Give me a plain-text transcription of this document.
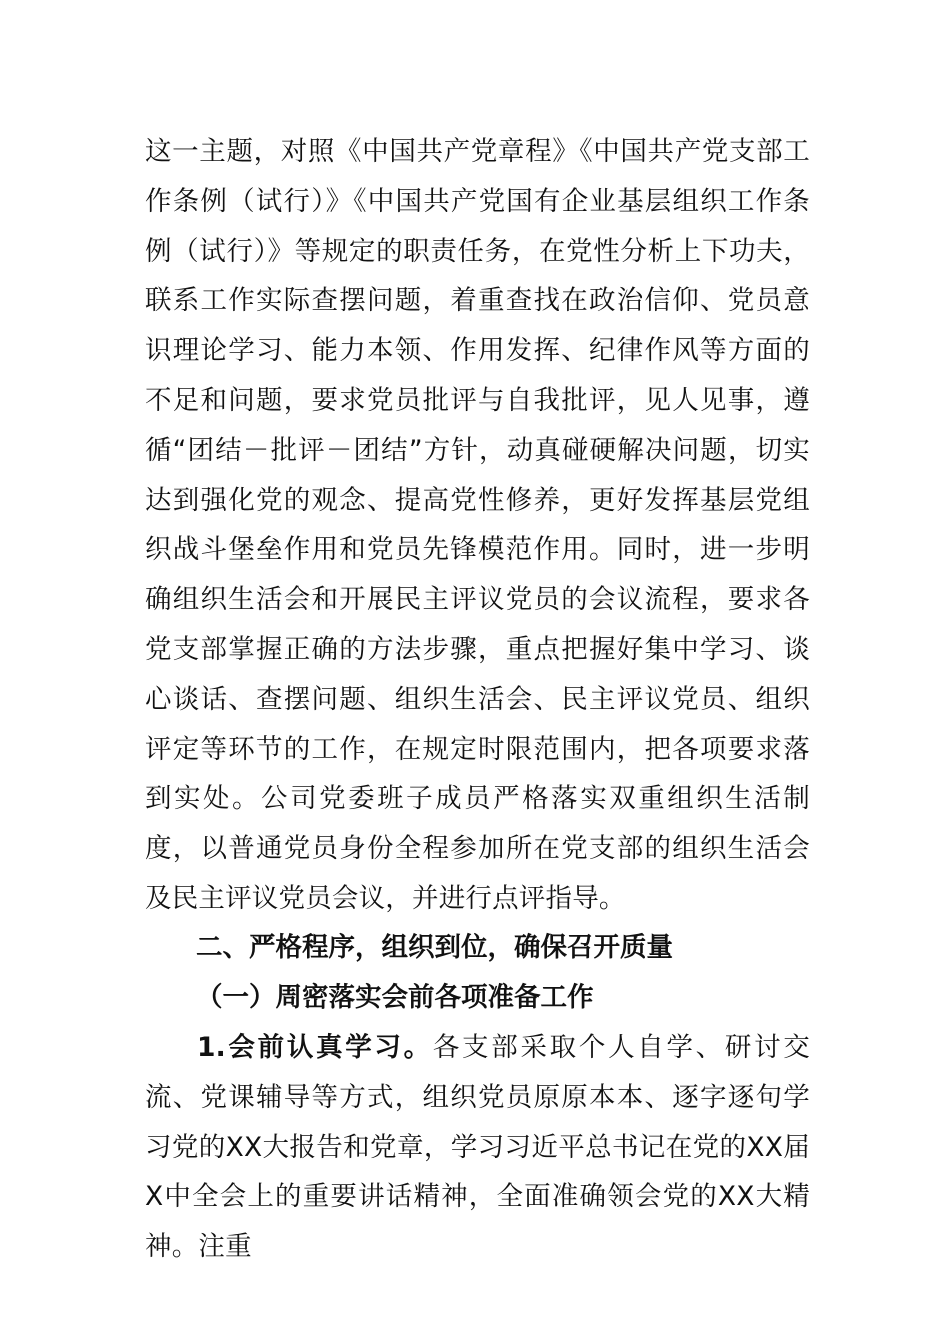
这一主题，对照《中国共产党章程》《中国共产党支部工作条例（试行）》《中国共产党国有企业基层组织工作条例（试行）》等规定的职责任务，在党性分析上下功夫，联系工作实际查摆问题，着重查找在政治信仰、党员意识理论学习、能力本领、作用发挥、纪律作风等方面的不足和问题，要求党员批评与自我批评，见人见事，遵循“团结－批评－团结”方针，动真碰硬解决问题，切实达到强化党的观念、提高党性修养，更好发挥基层党组织战斗堡垒作用和党员先锋模范作用。同时，进一步明确组织生活会和开展民主评议党员的会议流程，要求各党支部掌握正确的方法步骤，重点把握好集中学习、谈心谈话、查摆问题、组织生活会、民主评议党员、组织评定等环节的工作，在规定时限范围内，把各项要求落到实处。公司党委班子成员严格落实双重组织生活制度，以普通党员身份全程参加所在党支部的组织生活会及民主评议党员会议，并进行点评指导。

二、严格程序，组织到位，确保召开质量

（一）周密落实会前各项准备工作

1.会前认真学习。各支部采取个人自学、研讨交流、党课辅导等方式，组织党员原原本本、逐字逐句学习党的XX大报告和党章，学习习近平总书记在党的XX届X中全会上的重要讲话精神，全面准确领会党的XX大精神。注重
